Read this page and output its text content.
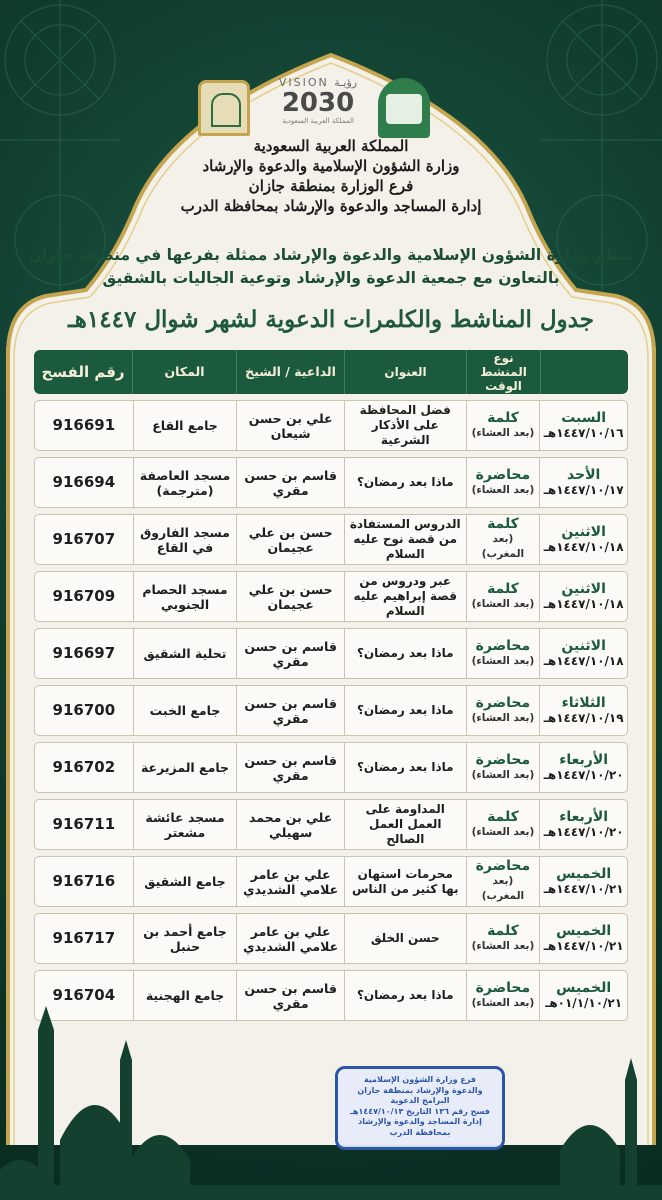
VISION رؤيـة
2030
المملكة العربية السعودية
المملكة العربية السعودية
وزارة الشؤون الإسلامية والدعوة والإرشاد
فرع الوزارة بمنطقة جازان
إدارة المساجد والدعوة والإرشاد بمحافظة الدرب
تنظم وزارة الشؤون الإسلامية والدعوة والإرشاد ممثلة بفرعها في منطقة جازان
بالتعاون مع جمعية الدعوة والإرشاد وتوعية الجاليات بالشقيق
جدول المناشط والكلمرات الدعوية لشهر شوال ١٤٤٧هـ
اليوم والتاريخ
نوع المنشط الوقت
العنوان
الداعية / الشيخ
المكان
رقم الفسح
السبت
١٤٤٧/١٠/١٦هـ
كلمة
(بعد العشاء)
فضل المحافظة على الأذكار الشرعية
علي بن حسن شيعان
جامع القاع
916691
الأحد
١٤٤٧/١٠/١٧هـ
محاضرة
(بعد العشاء)
ماذا بعد رمضان؟
قاسم بن حسن مقري
مسجد العاصفة (مترجمة)
916694
الاثنين
١٤٤٧/١٠/١٨هـ
كلمة
(بعد المغرب)
الدروس المستفادة من قصة نوح عليه السلام
حسن بن علي عجيمان
مسجد الفاروق في القاع
916707
الاثنين
١٤٤٧/١٠/١٨هـ
كلمة
(بعد العشاء)
عبر ودروس من قصة إبراهيم عليه السلام
حسن بن علي عجيمان
مسجد الحصام الجنوبي
916709
الاثنين
١٤٤٧/١٠/١٨هـ
محاضرة
(بعد العشاء)
ماذا بعد رمضان؟
قاسم بن حسن مقري
تحلية الشقيق
916697
الثلاثاء
١٤٤٧/١٠/١٩هـ
محاضرة
(بعد العشاء)
ماذا بعد رمضان؟
قاسم بن حسن مقري
جامع الخبت
916700
الأربعاء
١٤٤٧/١٠/٢٠هـ
محاضرة
(بعد العشاء)
ماذا بعد رمضان؟
قاسم بن حسن مقري
جامع المزيرعة
916702
الأربعاء
١٤٤٧/١٠/٢٠هـ
كلمة
(بعد العشاء)
المداومة على العمل العمل الصالح
علي بن محمد سهيلي
مسجد عائشة مشعتر
916711
الخميس
١٤٤٧/١٠/٢١هـ
محاضرة
(بعد المغرب)
محرمات استهان بها كثير من الناس
علي بن عامر علامي الشديدي
جامع الشقيق
916716
الخميس
١٤٤٧/١٠/٢١هـ
كلمة
(بعد العشاء)
حسن الخلق
علي بن عامر علامي الشديدي
جامع أحمد بن حنبل
916717
الخميس
٠١/١/١٠/٢١هـ
محاضرة
(بعد العشاء)
ماذا بعد رمضان؟
قاسم بن حسن مقري
جامع الهجنية
916704
فرع وزارة الشؤون الإسلامية
والدعوة والإرشاد بمنطقة جازان
البرامج الدعوية
فسح رقم ١٣٦ التاريخ ١٤٤٧/١٠/١٣هـ
إدارة المساجد والدعوة والإرشاد
بمحافظة الدرب
